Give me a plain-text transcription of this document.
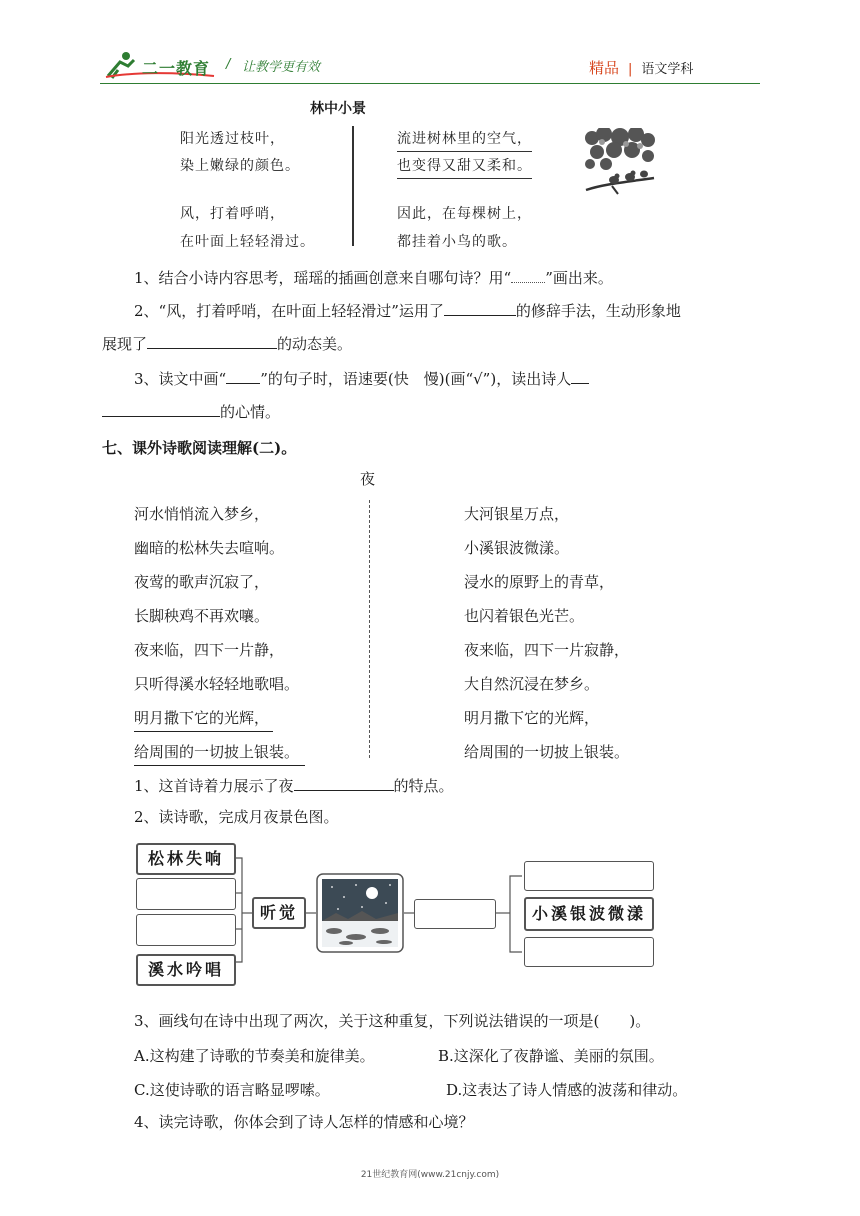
二一教育 / 让教学更有效	精品 | 语文学科
林中小景
阳光透过枝叶，
染上嫩绿的颜色。
风，打着呼哨，
在叶面上轻轻滑过。
流进树林里的空气，
也变得又甜又柔和。
因此，在每棵树上，
都挂着小鸟的歌。
1、结合小诗内容思考，瑶瑶的插画创意来自哪句诗？用“ ”画出来。
2、“风，打着呼哨，在叶面上轻轻滑过”运用了	的修辞手法，生动形象地
展现了	的动态美。
3、读文中画“ ”的句子时，语速要(快　慢)(画“√”)，读出诗人
的心情。
七、课外诗歌阅读理解(二)。
夜
河水悄悄流入梦乡，
幽暗的松林失去喧响。
夜莺的歌声沉寂了，
长脚秧鸡不再欢嚷。
夜来临，四下一片静，
只听得溪水轻轻地歌唱。
明月撒下它的光辉，
给周围的一切披上银装。
大河银星万点，
小溪银波微漾。
浸水的原野上的青草，
也闪着银色光芒。
夜来临，四下一片寂静，
大自然沉浸在梦乡。
明月撒下它的光辉，
给周围的一切披上银装。
1、这首诗着力展示了夜	的特点。
2、读诗歌，完成月夜景色图。
松林失响
溪水吟唱
听觉	小溪银波微漾
3、画线句在诗中出现了两次，关于这种重复，下列说法错误的一项是(　　)。
A.这构建了诗歌的节奏美和旋律美。	B.这深化了夜静谧、美丽的氛围。
C.这使诗歌的语言略显啰嗦。	D.这表达了诗人情感的波荡和律动。
4、读完诗歌，你体会到了诗人怎样的情感和心境？
21世纪教育网(www.21cnjy.com)
